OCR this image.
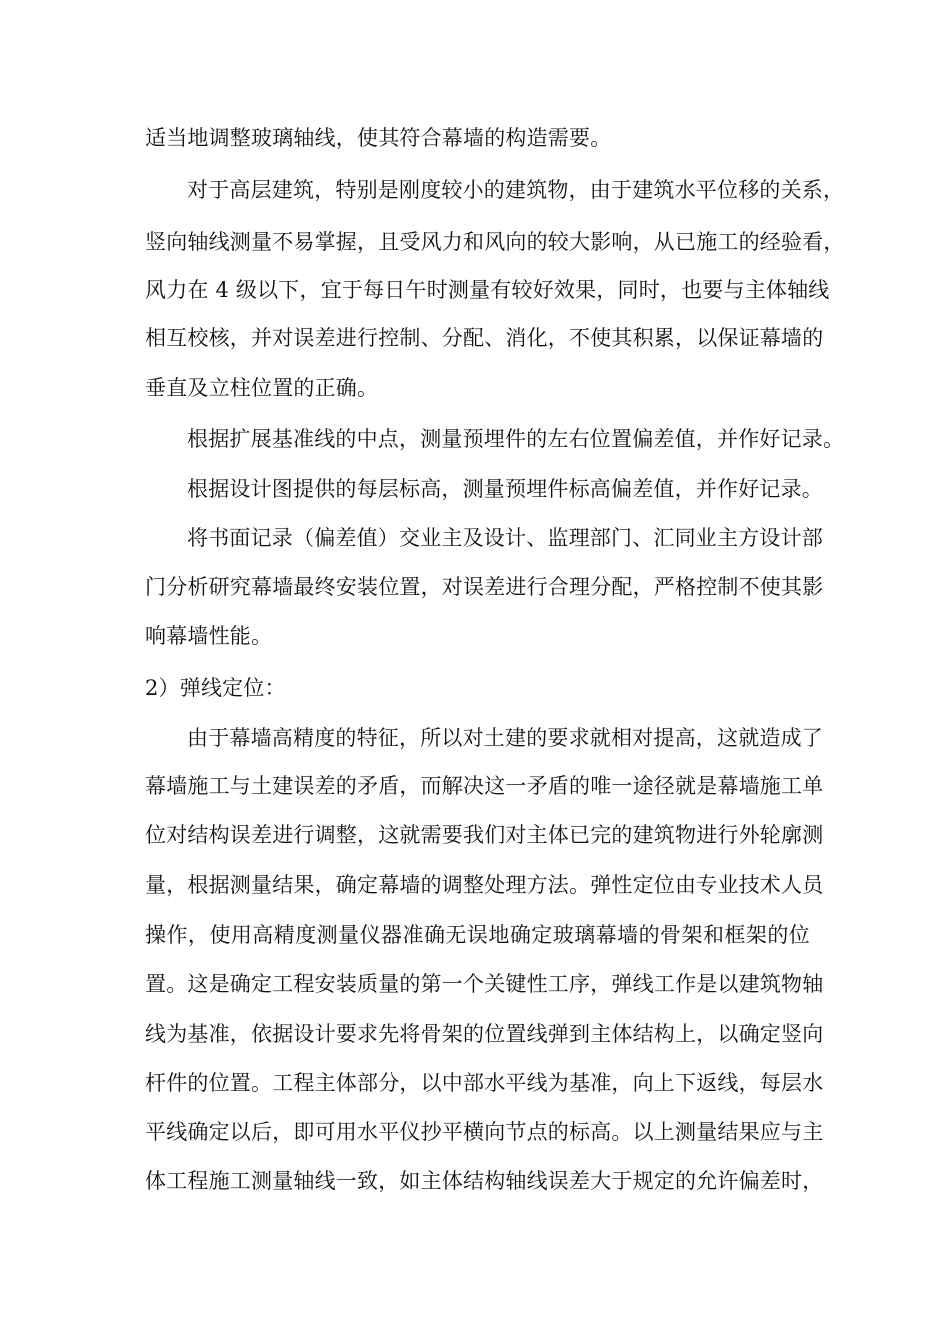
适当地调整玻璃轴线，使其符合幕墙的构造需要。
对于高层建筑，特别是刚度较小的建筑物，由于建筑水平位移的关系，
竖向轴线测量不易掌握，且受风力和风向的较大影响，从已施工的经验看，
风力在 4 级以下，宜于每日午时测量有较好效果，同时，也要与主体轴线
相互校核，并对误差进行控制、分配、消化，不使其积累，以保证幕墙的
垂直及立柱位置的正确。
根据扩展基准线的中点，测量预埋件的左右位置偏差值，并作好记录。
根据设计图提供的每层标高，测量预埋件标高偏差值，并作好记录。
将书面记录（偏差值）交业主及设计、监理部门、汇同业主方设计部
门分析研究幕墙最终安装位置，对误差进行合理分配，严格控制不使其影
响幕墙性能。
2）弹线定位：
由于幕墙高精度的特征，所以对土建的要求就相对提高，这就造成了
幕墙施工与土建误差的矛盾，而解决这一矛盾的唯一途径就是幕墙施工单
位对结构误差进行调整，这就需要我们对主体已完的建筑物进行外轮廓测
量，根据测量结果，确定幕墙的调整处理方法。弹性定位由专业技术人员
操作，使用高精度测量仪器准确无误地确定玻璃幕墙的骨架和框架的位
置。这是确定工程安装质量的第一个关键性工序，弹线工作是以建筑物轴
线为基准，依据设计要求先将骨架的位置线弹到主体结构上，以确定竖向
杆件的位置。工程主体部分，以中部水平线为基准，向上下返线，每层水
平线确定以后，即可用水平仪抄平横向节点的标高。以上测量结果应与主
体工程施工测量轴线一致，如主体结构轴线误差大于规定的允许偏差时，
